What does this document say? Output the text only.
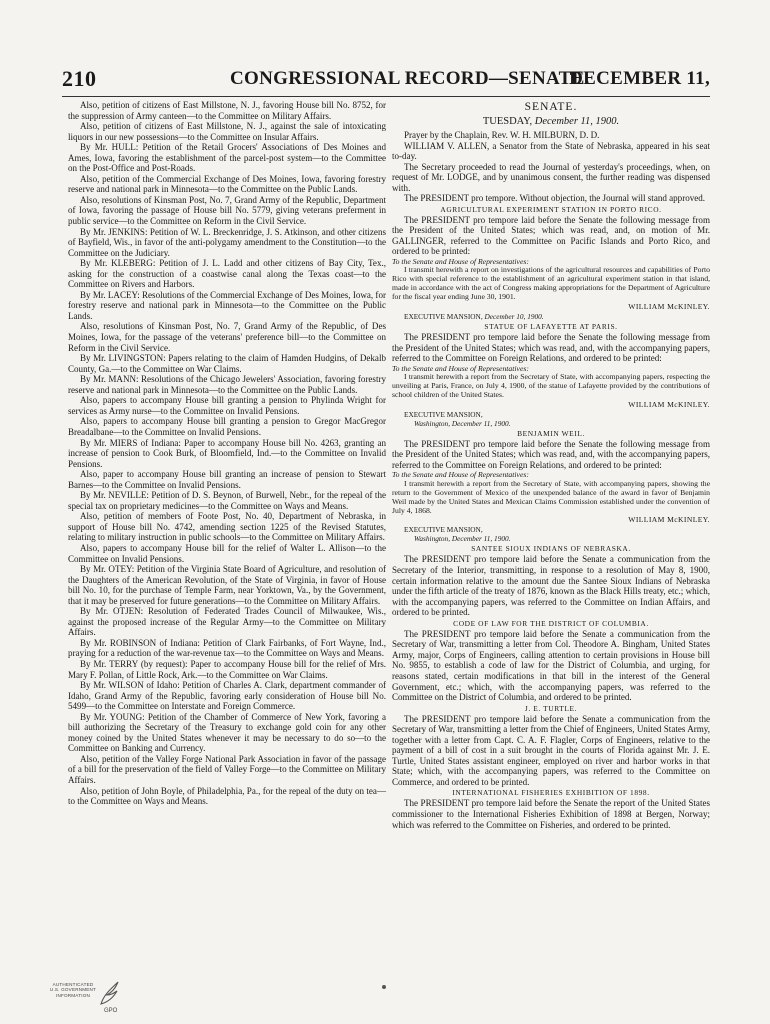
210	CONGRESSIONAL RECORD—SENATE.
DECEMBER 11,

Also, petition of citizens of East Millstone, N. J., favoring House bill No. 8752, for the suppression of Army canteen—to the Committee on Military Affairs.

Also, petition of citizens of East Millstone, N. J., against the sale of intoxicating liquors in our new possessions—to the Committee on Insular Affairs.

By Mr. HULL: Petition of the Retail Grocers' Associations of Des Moines and Ames, Iowa, favoring the establishment of the parcel-post system—to the Committee on the Post-Office and Post-Roads.

Also, petition of the Commercial Exchange of Des Moines, Iowa, favoring forestry reserve and national park in Minnesota—to the Committee on the Public Lands.

Also, resolutions of Kinsman Post, No. 7, Grand Army of the Republic, Department of Iowa, favoring the passage of House bill No. 5779, giving veterans preferment in public service—to the Committee on Reform in the Civil Service.

By Mr. JENKINS: Petition of W. L. Breckenridge, J. S. Atkinson, and other citizens of Bayfield, Wis., in favor of the anti-polygamy amendment to the Constitution—to the Committee on the Judiciary.

By Mr. KLEBERG: Petition of J. L. Ladd and other citizens of Bay City, Tex., asking for the construction of a coastwise canal along the Texas coast—to the Committee on Rivers and Harbors.

By Mr. LACEY: Resolutions of the Commercial Exchange of Des Moines, Iowa, for forestry reserve and national park in Minnesota—to the Committee on the Public Lands.

Also, resolutions of Kinsman Post, No. 7, Grand Army of the Republic, of Des Moines, Iowa, for the passage of the veterans' preference bill—to the Committee on Reform in the Civil Service.

By Mr. LIVINGSTON: Papers relating to the claim of Hamden Hudgins, of Dekalb County, Ga.—to the Committee on War Claims.

By Mr. MANN: Resolutions of the Chicago Jewelers' Association, favoring forestry reserve and national park in Minnesota—to the Committee on the Public Lands.

Also, papers to accompany House bill granting a pension to Phylinda Wright for services as Army nurse—to the Committee on Invalid Pensions.

Also, papers to accompany House bill granting a pension to Gregor MacGregor Breadalbane—to the Committee on Invalid Pensions.

By Mr. MIERS of Indiana: Paper to accompany House bill No. 4263, granting an increase of pension to Cook Burk, of Bloomfield, Ind.—to the Committee on Invalid Pensions.

Also, paper to accompany House bill granting an increase of pension to Stewart Barnes—to the Committee on Invalid Pensions.

By Mr. NEVILLE: Petition of D. S. Beynon, of Burwell, Nebr., for the repeal of the special tax on proprietary medicines—to the Committee on Ways and Means.

Also, petition of members of Foote Post, No. 40, Department of Nebraska, in support of House bill No. 4742, amending section 1225 of the Revised Statutes, relating to military instruction in public schools—to the Committee on Military Affairs.

Also, papers to accompany House bill for the relief of Walter L. Allison—to the Committee on Invalid Pensions.

By Mr. OTEY: Petition of the Virginia State Board of Agriculture, and resolution of the Daughters of the American Revolution, of the State of Virginia, in favor of House bill No. 10, for the purchase of Temple Farm, near Yorktown, Va., by the Government, that it may be preserved for future generations—to the Committee on Military Affairs.

By Mr. OTJEN: Resolution of Federated Trades Council of Milwaukee, Wis., against the proposed increase of the Regular Army—to the Committee on Military Affairs.

By Mr. ROBINSON of Indiana: Petition of Clark Fairbanks, of Fort Wayne, Ind., praying for a reduction of the war-revenue tax—to the Committee on Ways and Means.

By Mr. TERRY (by request): Paper to accompany House bill for the relief of Mrs. Mary F. Pollan, of Little Rock, Ark.—to the Committee on War Claims.

By Mr. WILSON of Idaho: Petition of Charles A. Clark, department commander of Idaho, Grand Army of the Republic, favoring early consideration of House bill No. 5499—to the Committee on Interstate and Foreign Commerce.

By Mr. YOUNG: Petition of the Chamber of Commerce of New York, favoring a bill authorizing the Secretary of the Treasury to exchange gold coin for any other money coined by the United States whenever it may be necessary to do so—to the Committee on Banking and Currency.

Also, petition of the Valley Forge National Park Association in favor of the passage of a bill for the preservation of the field of Valley Forge—to the Committee on Military Affairs.

Also, petition of John Boyle, of Philadelphia, Pa., for the repeal of the duty on tea—to the Committee on Ways and Means.

SENATE.
TUESDAY, December 11, 1900.

Prayer by the Chaplain, Rev. W. H. MILBURN, D. D.

WILLIAM V. ALLEN, a Senator from the State of Nebraska, appeared in his seat to-day.

The Secretary proceeded to read the Journal of yesterday's proceedings, when, on request of Mr. LODGE, and by unanimous consent, the further reading was dispensed with.

The PRESIDENT pro tempore. Without objection, the Journal will stand approved.

AGRICULTURAL EXPERIMENT STATION IN PORTO RICO.

The PRESIDENT pro tempore laid before the Senate the following message from the President of the United States; which was read, and, on motion of Mr. GALLINGER, referred to the Committee on Pacific Islands and Porto Rico, and ordered to be printed:

To the Senate and House of Representatives:

I transmit herewith a report on investigations of the agricultural resources and capabilities of Porto Rico with special reference to the establishment of an agricultural experiment station in that island, made in accordance with the act of Congress making appropriations for the Department of Agriculture for the fiscal year ending June 30, 1901.

WILLIAM McKINLEY.

EXECUTIVE MANSION, December 10, 1900.

STATUE OF LAFAYETTE AT PARIS.

The PRESIDENT pro tempore laid before the Senate the following message from the President of the United States; which was read, and, with the accompanying papers, referred to the Committee on Foreign Relations, and ordered to be printed:

To the Senate and House of Representatives:

I transmit herewith a report from the Secretary of State, with accompanying papers, respecting the unveiling at Paris, France, on July 4, 1900, of the statue of Lafayette provided by the contributions of school children of the United States.

WILLIAM McKINLEY.

EXECUTIVE MANSION,
Washington, December 11, 1900.

BENJAMIN WEIL.

The PRESIDENT pro tempore laid before the Senate the following message from the President of the United States; which was read, and, with the accompanying papers, referred to the Committee on Foreign Relations, and ordered to be printed:

To the Senate and House of Representatives:

I transmit herewith a report from the Secretary of State, with accompanying papers, showing the return to the Government of Mexico of the unexpended balance of the award in favor of Benjamin Weil made by the United States and Mexican Claims Commission established under the convention of July 4, 1868.

WILLIAM McKINLEY.

EXECUTIVE MANSION,
Washington, December 11, 1900.

SANTEE SIOUX INDIANS OF NEBRASKA.

The PRESIDENT pro tempore laid before the Senate a communication from the Secretary of the Interior, transmitting, in response to a resolution of May 8, 1900, certain information relative to the amount due the Santee Sioux Indians of Nebraska under the fifth article of the treaty of 1876, known as the Black Hills treaty, etc.; which, with the accompanying papers, was referred to the Committee on Indian Affairs, and ordered to be printed.

CODE OF LAW FOR THE DISTRICT OF COLUMBIA.

The PRESIDENT pro tempore laid before the Senate a communication from the Secretary of War, transmitting a letter from Col. Theodore A. Bingham, United States Army, major, Corps of Engineers, calling attention to certain provisions in House bill No. 9855, to establish a code of law for the District of Columbia, and urging, for reasons stated, certain modifications in that bill in the interest of the General Government, etc.; which, with the accompanying papers, was referred to the Committee on the District of Columbia, and ordered to be printed.

J. E. TURTLE.

The PRESIDENT pro tempore laid before the Senate a communication from the Secretary of War, transmitting a letter from the Chief of Engineers, United States Army, together with a letter from Capt. C. A. F. Flagler, Corps of Engineers, relative to the payment of a bill of cost in a suit brought in the courts of Florida against Mr. J. E. Turtle, United States assistant engineer, employed on river and harbor works in that State; which, with the accompanying papers, was referred to the Committee on Commerce, and ordered to be printed.

INTERNATIONAL FISHERIES EXHIBITION OF 1898.

The PRESIDENT pro tempore laid before the Senate the report of the United States commissioner to the International Fisheries Exhibition of 1898 at Bergen, Norway; which was referred to the Committee on Fisheries, and ordered to be printed.

AUTHENTICATED
U.S. GOVERNMENT
INFORMATION
GPO
